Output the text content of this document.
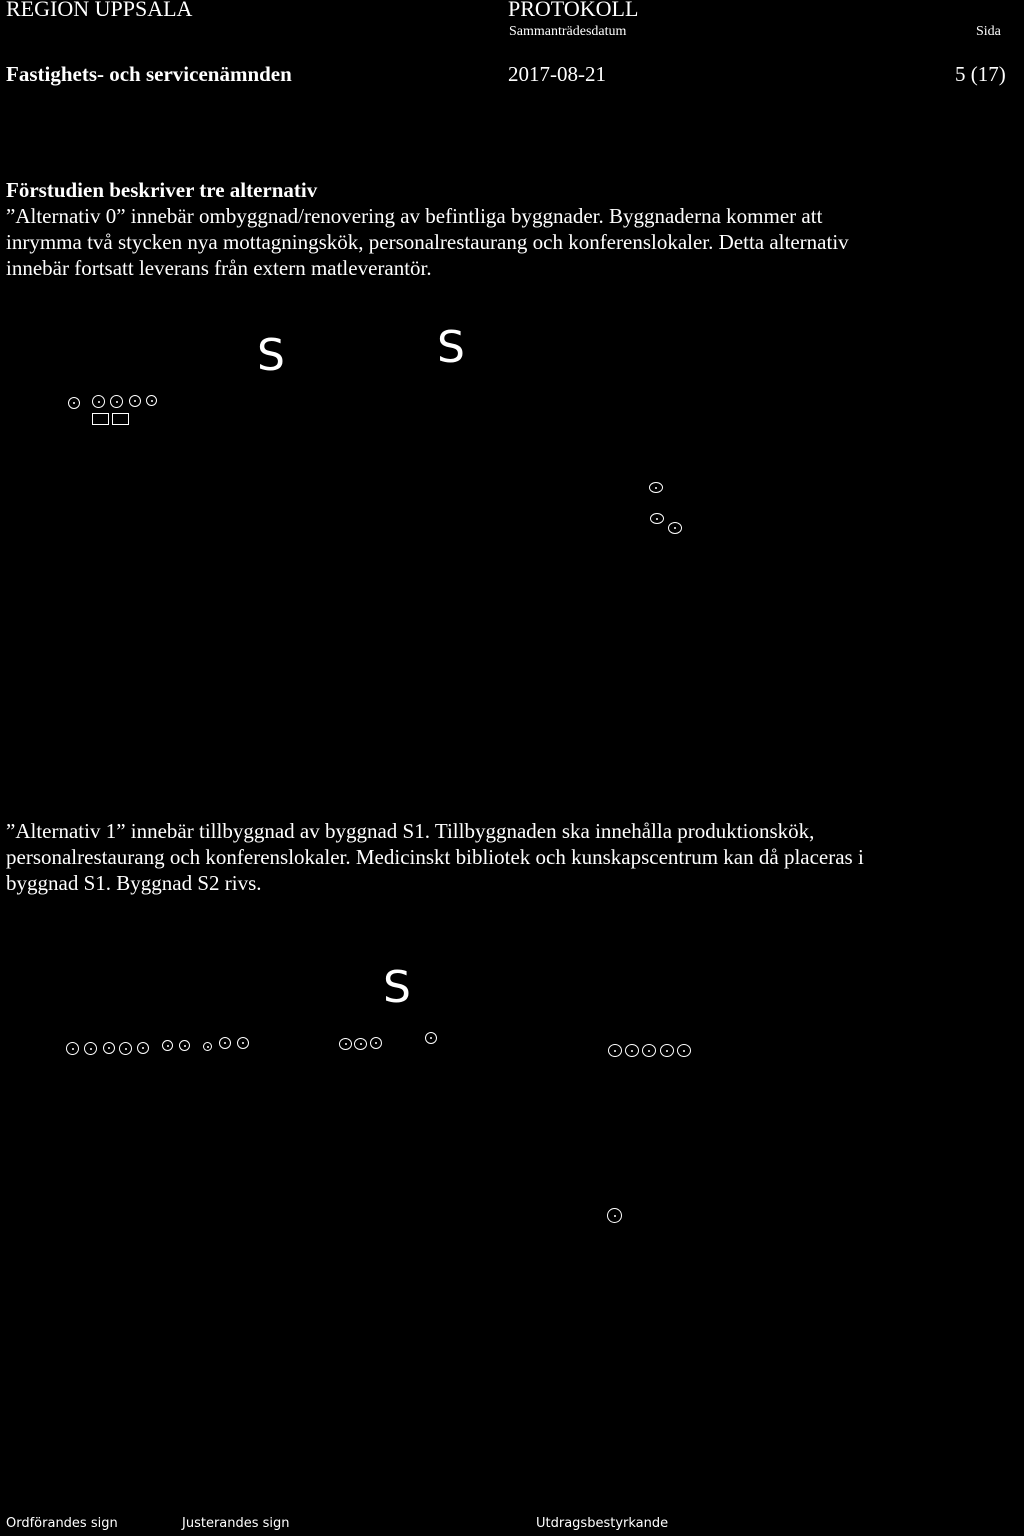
REGION UPPSALA	PROTOKOLL
Sammanträdesdatum	Sida
Fastighets- och servicenämnden	2017-08-21	5 (17)
Förstudien beskriver tre alternativ

”Alternativ 0” innebär ombyggnad/renovering av befintliga byggnader. Byggnaderna kommer att

inrymma två stycken nya mottagningskök, personalrestaurang och konferenslokaler. Detta alternativ

innebär fortsatt leverans från extern matleverantör.

S	S

”Alternativ 1” innebär tillbyggnad av byggnad S1. Tillbyggnaden ska innehålla produktionskök,

personalrestaurang och konferenslokaler. Medicinskt bibliotek och kunskapscentrum kan då placeras i

byggnad S1. Byggnad S2 rivs.

S
Ordförandes sign	Justerandes sign	Utdragsbestyrkande
